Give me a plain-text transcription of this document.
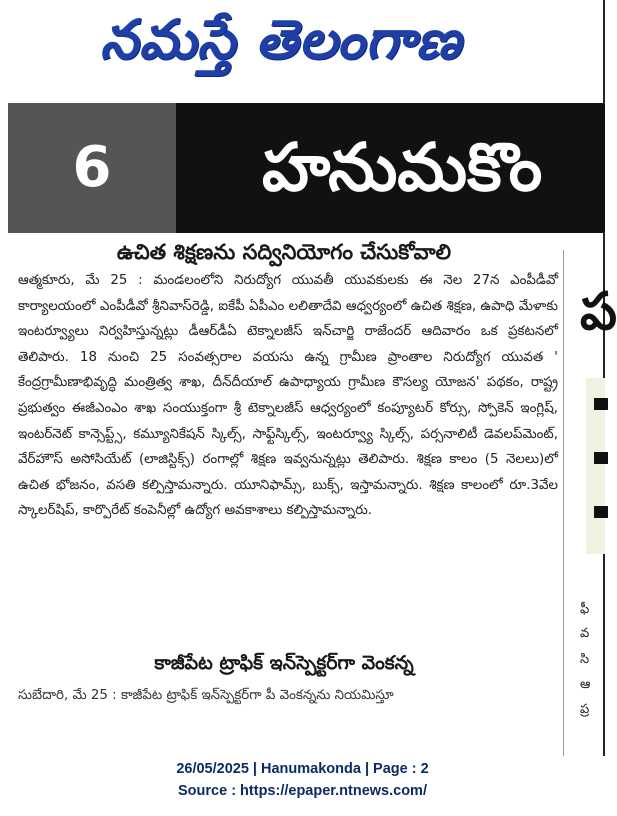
నమస్తే తెలంగాణ
6	హనుమకొం
ఉచిత శిక్షణను సద్వినియోగం చేసుకోవాలి

ఆత్మకూరు, మే 25 : మండలంలోని నిరుద్యోగ యువతీ యువకులకు ఈ నెల 27న ఎంపీడీవో కార్యాలయంలో ఎంపీడీవో శ్రీనివాస్‌రెడ్డి, ఐకేపీ ఏపీఎం లలితాదేవి ఆధ్వర్యంలో ఉచిత శిక్షణ, ఉపాధి మేళాకు ఇంటర్వ్యూలు నిర్వహిస్తున్నట్లు డీఆర్‌డీఏ టెక్నాలజీస్ ఇన్‌చార్జి రాజేందర్ ఆదివారం ఒక ప్రకటనలో తెలిపారు. 18 నుంచి 25 సంవత్సరాల వయసు ఉన్న గ్రామీణ ప్రాంతాల నిరుద్యోగ యువత ' కేంద్రగ్రామీణాభివృద్ధి మంత్రిత్వ శాఖ, దీన్‌దీయాల్ ఉపాధ్యాయ గ్రామీణ కౌసల్య యోజన' పథకం, రాష్ట్ర ప్రభుత్వం ఈజీఎంఎం శాఖ సంయుక్తంగా శ్రీ టెక్నాలజీస్ ఆధ్వర్యంలో కంప్యూటర్ కోర్సు, స్పోకెన్ ఇంగ్లిష్, ఇంటర్‌నెట్ కాన్సెప్ట్స్, కమ్యూనికేషన్ స్కిల్స్, సాఫ్ట్‌స్కిల్స్, ఇంటర్వ్యూ స్కిల్స్, పర్సనాలిటీ డెవలప్‌మెంట్, వేర్‌హౌస్ అసోసియేట్ (లాజిస్టిక్స్) రంగాల్లో శిక్షణ ఇవ్వనున్నట్లు తెలిపారు. శిక్షణ కాలం (5 నెలలు)లో ఉచిత భోజనం, వసతి కల్పిస్తామన్నారు. యూనిఫామ్స్, బుక్స్, ఇస్తామన్నారు. శిక్షణ కాలంలో రూ.3వేల స్కాలర్‌షిప్, కార్పొరేట్ కంపెనీల్లో ఉద్యోగ అవకాశాలు కల్పిస్తామన్నారు.

కాజీపేట ట్రాఫిక్ ఇన్‌స్పెక్టర్‌గా వెంకన్న
సుబేదారి, మే 25 : కాజీపేట ట్రాఫిక్ ఇన్‌స్పెక్టర్‌గా పీ వెంకన్నను నియమిస్తూ
ప
ఫీ
వ
సి
ఆ
ప్ర
26/05/2025 | Hanumakonda | Page : 2
Source : https://epaper.ntnews.com/
